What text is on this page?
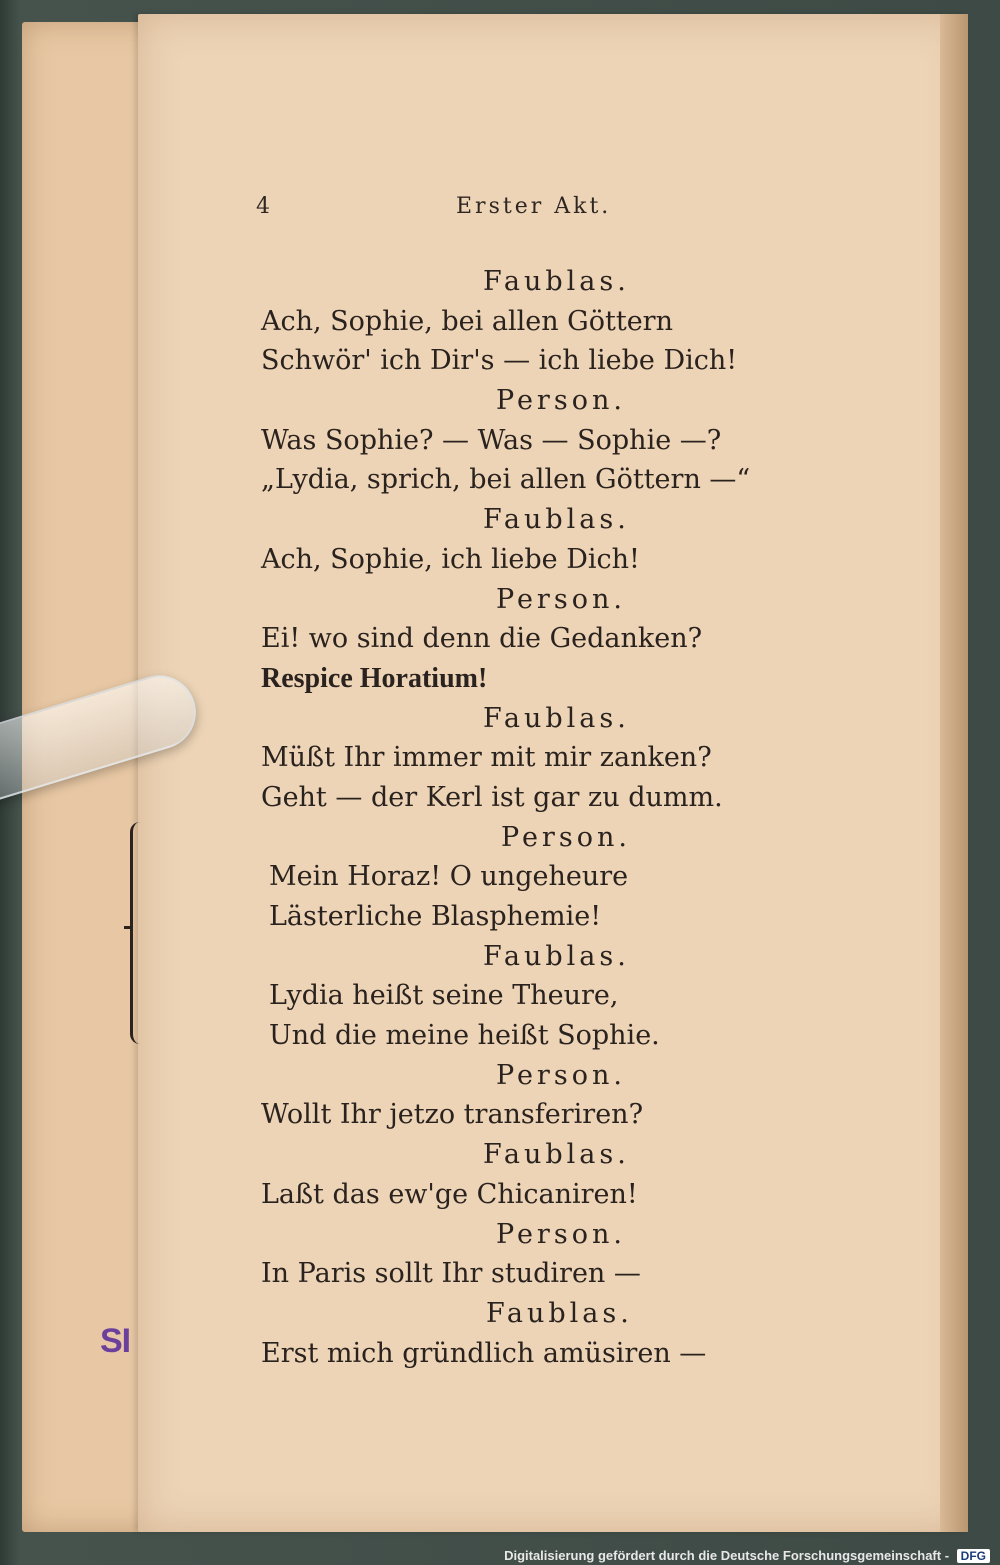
4	Erster Akt.
Faublas.
Ach, Sophie, bei allen Göttern
Schwör' ich Dir's — ich liebe Dich!
Person.
Was Sophie? — Was — Sophie —?
„Lydia, sprich, bei allen Göttern —“
Faublas.
Ach, Sophie, ich liebe Dich!
Person.
Ei! wo sind denn die Gedanken?
Respice Horatium!
Faublas.
Müßt Ihr immer mit mir zanken?
Geht — der Kerl ist gar zu dumm.
Person.
Mein Horaz! O ungeheure
Lästerliche Blasphemie!
Faublas.
Lydia heißt seine Theure,
Und die meine heißt Sophie.
Person.
Wollt Ihr jetzo transferiren?
Faublas.
Laßt das ew'ge Chicaniren!
Person.
In Paris sollt Ihr studiren —
Faublas.
Erst mich gründlich amüsiren —
SI
Digitalisierung gefördert durch die Deutsche Forschungsgemeinschaft - DFG
